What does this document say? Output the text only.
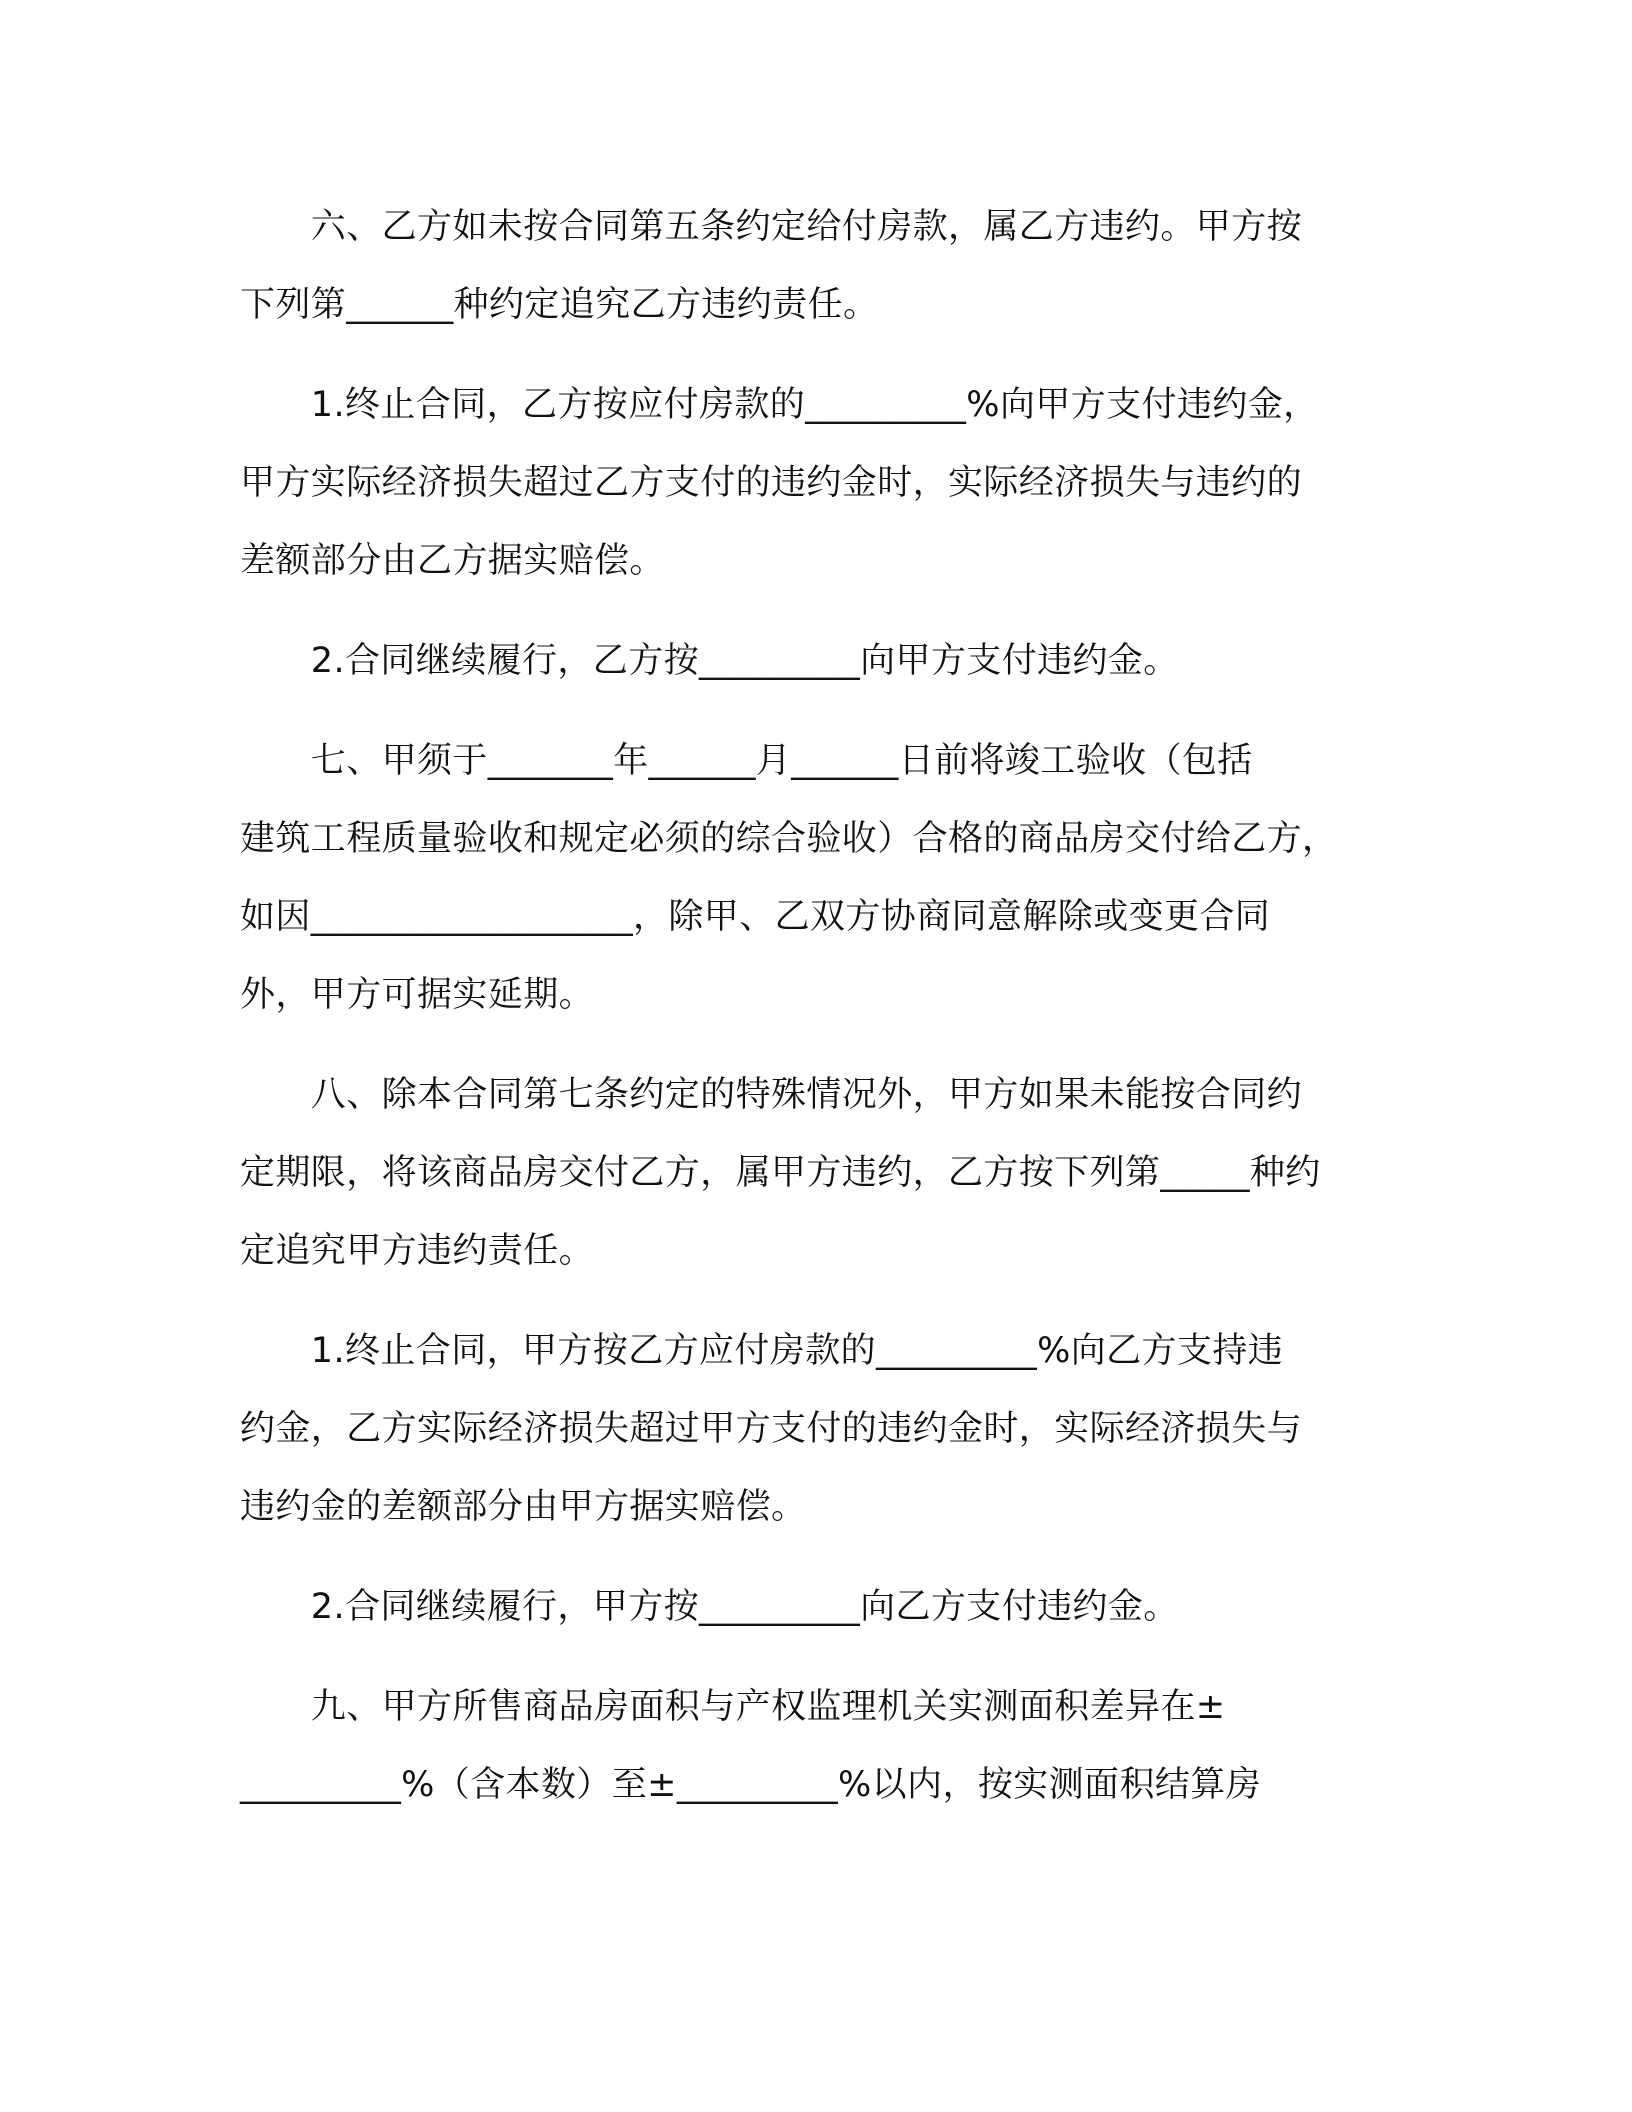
　　六、乙方如未按合同第五条约定给付房款，属乙方违约。甲方按
下列第______种约定追究乙方违约责任。
　　1.终止合同，乙方按应付房款的_________%向甲方支付违约金，
甲方实际经济损失超过乙方支付的违约金时，实际经济损失与违约的
差额部分由乙方据实赔偿。
　　2.合同继续履行，乙方按_________向甲方支付违约金。
　　七、甲须于_______年______月______日前将竣工验收（包括
建筑工程质量验收和规定必须的综合验收）合格的商品房交付给乙方，
如因__________________，除甲、乙双方协商同意解除或变更合同
外，甲方可据实延期。
　　八、除本合同第七条约定的特殊情况外，甲方如果未能按合同约
定期限，将该商品房交付乙方，属甲方违约，乙方按下列第_____种约
定追究甲方违约责任。
　　1.终止合同，甲方按乙方应付房款的_________%向乙方支持违
约金，乙方实际经济损失超过甲方支付的违约金时，实际经济损失与
违约金的差额部分由甲方据实赔偿。
　　2.合同继续履行，甲方按_________向乙方支付违约金。
　　九、甲方所售商品房面积与产权监理机关实测面积差异在±
_________%（含本数）至±_________%以内，按实测面积结算房
